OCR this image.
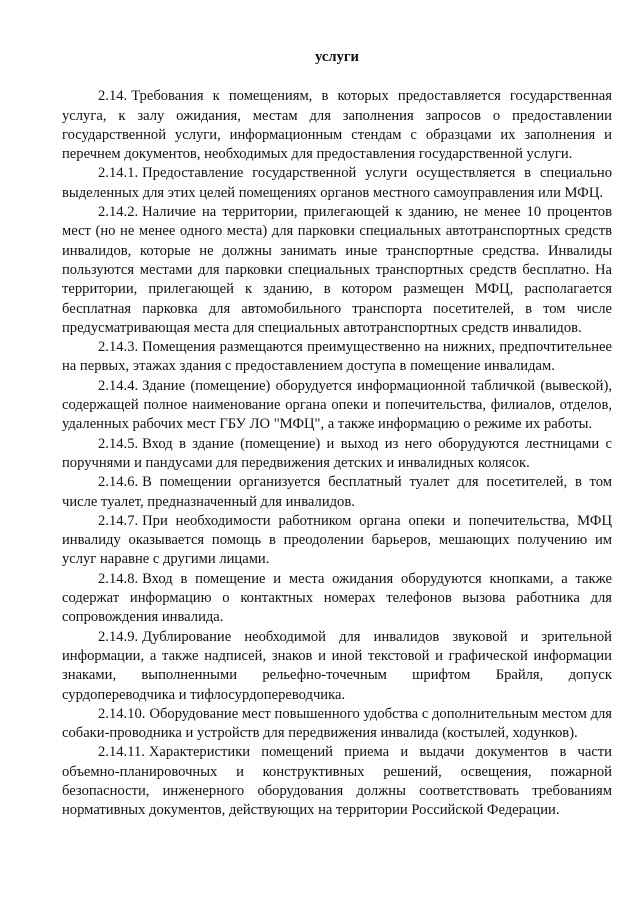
услуги

2.14. Требования к помещениям, в которых предоставляется государственная услуга, к залу ожидания, местам для заполнения запросов о предоставлении государственной услуги, информационным стендам с образцами их заполнения и перечнем документов, необходимых для предоставления государственной услуги.

2.14.1. Предоставление государственной услуги осуществляется в специально выделенных для этих целей помещениях органов местного самоуправления или МФЦ.

2.14.2. Наличие на территории, прилегающей к зданию, не менее 10 процентов мест (но не менее одного места) для парковки специальных автотранспортных средств инвалидов, которые не должны занимать иные транспортные средства. Инвалиды пользуются местами для парковки специальных транспортных средств бесплатно. На территории, прилегающей к зданию, в котором размещен МФЦ, располагается бесплатная парковка для автомобильного транспорта посетителей, в том числе предусматривающая места для специальных автотранспортных средств инвалидов.

2.14.3. Помещения размещаются преимущественно на нижних, предпочтительнее на первых, этажах здания с предоставлением доступа в помещение инвалидам.

2.14.4. Здание (помещение) оборудуется информационной табличкой (вывеской), содержащей полное наименование органа опеки и попечительства, филиалов, отделов, удаленных рабочих мест ГБУ ЛО "МФЦ", а также информацию о режиме их работы.

2.14.5. Вход в здание (помещение) и выход из него оборудуются лестницами с поручнями и пандусами для передвижения детских и инвалидных колясок.

2.14.6. В помещении организуется бесплатный туалет для посетителей, в том числе туалет, предназначенный для инвалидов.

2.14.7. При необходимости работником органа опеки и попечительства, МФЦ инвалиду оказывается помощь в преодолении барьеров, мешающих получению им услуг наравне с другими лицами.

2.14.8. Вход в помещение и места ожидания оборудуются кнопками, а также содержат информацию о контактных номерах телефонов вызова работника для сопровождения инвалида.

2.14.9. Дублирование необходимой для инвалидов звуковой и зрительной информации, а также надписей, знаков и иной текстовой и графической информации знаками, выполненными рельефно-точечным шрифтом Брайля, допуск сурдопереводчика и тифлосурдопереводчика.

2.14.10. Оборудование мест повышенного удобства с дополнительным местом для собаки-проводника и устройств для передвижения инвалида (костылей, ходунков).

2.14.11. Характеристики помещений приема и выдачи документов в части объемно-планировочных и конструктивных решений, освещения, пожарной безопасности, инженерного оборудования должны соответствовать требованиям нормативных документов, действующих на территории Российской Федерации.
